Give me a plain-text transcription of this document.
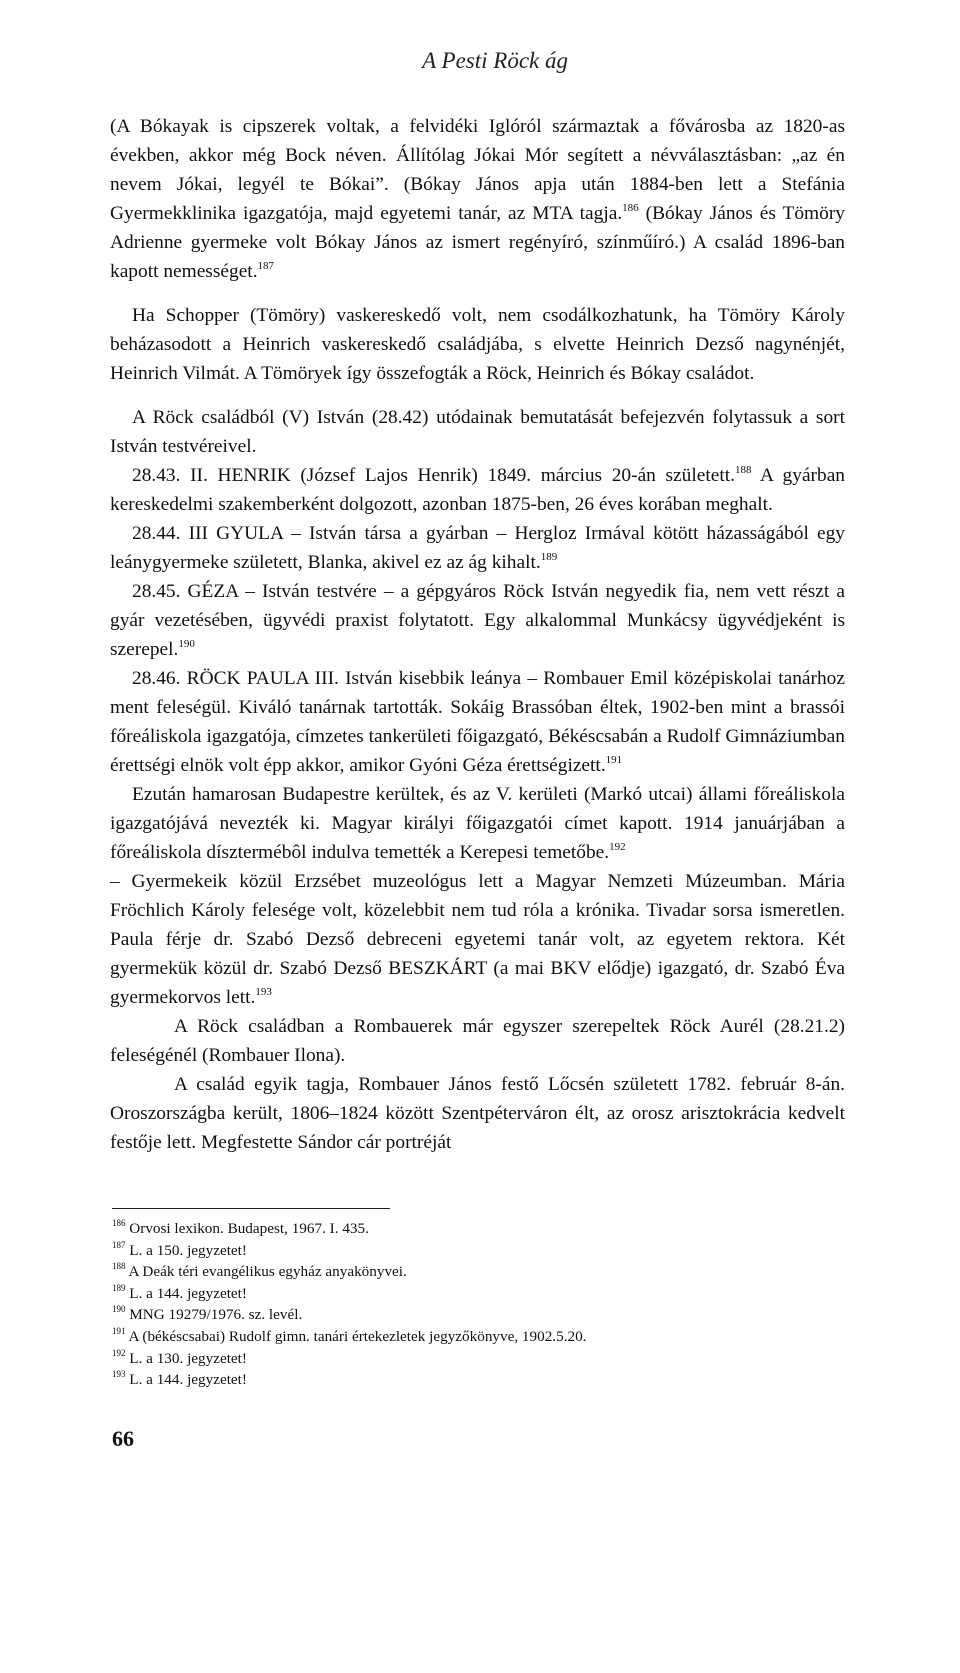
A Pesti Röck ág

(A Bókayak is cipszerek voltak, a felvidéki Iglóról származtak a fővárosba az 1820-as években, akkor még Bock néven. Állítólag Jókai Mór segített a névválasztásban: „az én nevem Jókai, legyél te Bókai”. (Bókay János apja után 1884-ben lett a Stefánia Gyermekklinika igazgatója, majd egyetemi tanár, az MTA tagja.$^{186}$ (Bókay János és Tömöry Adrienne gyermeke volt Bókay János az ismert regényíró, színműíró.) A család 1896-ban kapott nemességet.$^{187}$

Ha Schopper (Tömöry) vaskereskedő volt, nem csodálkozhatunk, ha Tömöry Károly beházasodott a Heinrich vaskereskedő családjába, s elvette Heinrich Dezső nagynénjét, Heinrich Vilmát. A Tömöryek így összefogták a Röck, Heinrich és Bókay családot.

A Röck családból (V) István (28.42) utódainak bemutatását befejezvén folytassuk a sort István testvéreivel.

28.43. II. HENRIK (József Lajos Henrik) 1849. március 20-án született.$^{188}$ A gyárban kereskedelmi szakemberként dolgozott, azonban 1875-ben, 26 éves korában meghalt.

28.44. III GYULA – István társa a gyárban – Hergloz Irmával kötött házasságából egy leánygyermeke született, Blanka, akivel ez az ág kihalt.$^{189}$

28.45. GÉZA – István testvére – a gépgyáros Röck István negyedik fia, nem vett részt a gyár vezetésében, ügyvédi praxist folytatott. Egy alkalommal Munkácsy ügyvédjeként is szerepel.$^{190}$

28.46. RÖCK PAULA III. István kisebbik leánya – Rombauer Emil középiskolai tanárhoz ment feleségül. Kiváló tanárnak tartották. Sokáig Brassóban éltek, 1902-ben mint a brassói főreáliskola igazgatója, címzetes tankerületi főigazgató, Békéscsabán a Rudolf Gimnáziumban érettségi elnök volt épp akkor, amikor Gyóni Géza érettségizett.$^{191}$

Ezután hamarosan Budapestre kerültek, és az V. kerületi (Markó utcai) állami főreáliskola igazgatójává nevezték ki. Magyar királyi főigazgatói címet kapott. 1914 januárjában a főreáliskola dísztermébôl indulva temették a Kerepesi temetőbe.$^{192}$

– Gyermekeik közül Erzsébet muzeológus lett a Magyar Nemzeti Múzeumban. Mária Fröchlich Károly felesége volt, közelebbit nem tud róla a krónika. Tivadar sorsa ismeretlen. Paula férje dr. Szabó Dezső debreceni egyetemi tanár volt, az egyetem rektora. Két gyermekük közül dr. Szabó Dezső BESZKÁRT (a mai BKV elődje) igazgató, dr. Szabó Éva gyermekorvos lett.$^{193}$

A Röck családban a Rombauerek már egyszer szerepeltek Röck Aurél (28.21.2) feleségénél (Rombauer Ilona).

A család egyik tagja, Rombauer János festő Lőcsén született 1782. február 8-án. Oroszországba került, 1806–1824 között Szentpéterváron élt, az orosz arisztokrácia kedvelt festője lett. Megfestette Sándor cár portréját

$^{186}$ Orvosi lexikon. Budapest, 1967. I. 435.
$^{187}$ L. a 150. jegyzetet!
$^{188}$ A Deák téri evangélikus egyház anyakönyvei.
$^{189}$ L. a 144. jegyzetet!
$^{190}$ MNG 19279/1976. sz. levél.
$^{191}$ A (békéscsabai) Rudolf gimn. tanári értekezletek jegyzőkönyve, 1902.5.20.
$^{192}$ L. a 130. jegyzetet!
$^{193}$ L. a 144. jegyzetet!
66
